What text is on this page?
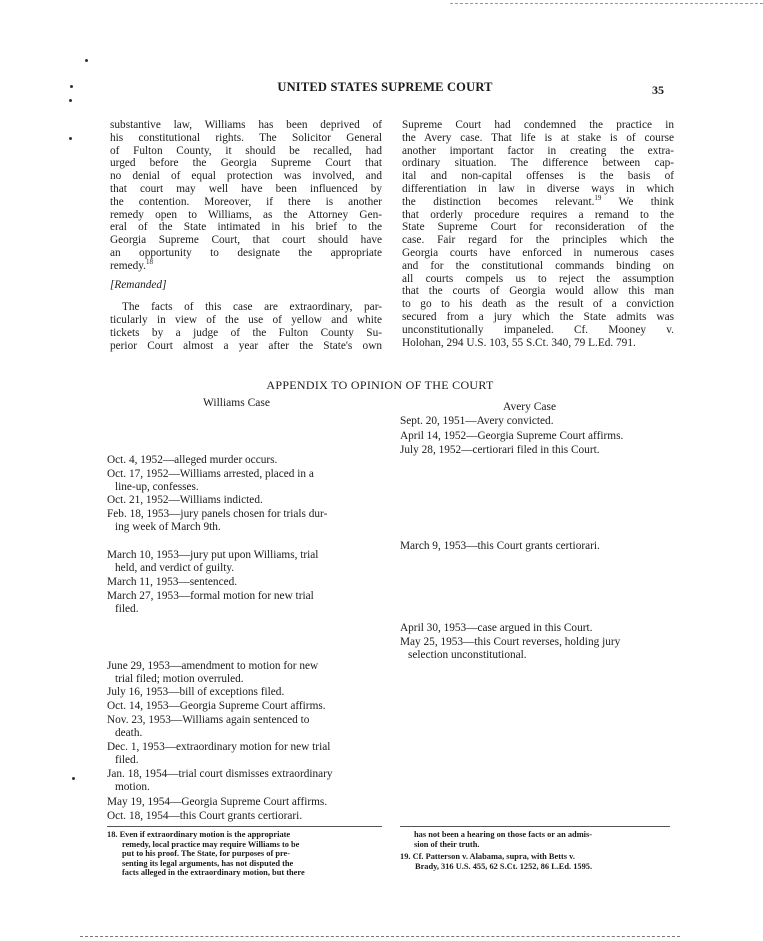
UNITED STATES SUPREME COURT	35

substantive law, Williams has been deprived of
his constitutional rights. The Solicitor General
of Fulton County, it should be recalled, had
urged before the Georgia Supreme Court that
no denial of equal protection was involved, and
that court may well have been influenced by
the contention. Moreover, if there is another
remedy open to Williams, as the Attorney Gen-
eral of the State intimated in his brief to the
Georgia Supreme Court, that court should have
an opportunity to designate the appropriate
remedy.$^{18}$

[Remanded]

The facts of this case are extraordinary, par-
ticularly in view of the use of yellow and white
tickets by a judge of the Fulton County Su-
perior Court almost a year after the State's own

Supreme Court had condemned the practice in
the Avery case. That life is at stake is of course
another important factor in creating the extra-
ordinary situation. The difference between cap-
ital and non-capital offenses is the basis of
differentiation in law in diverse ways in which
the distinction becomes relevant.$^{19}$ We think
that orderly procedure requires a remand to the
State Supreme Court for reconsideration of the
case. Fair regard for the principles which the
Georgia courts have enforced in numerous cases
and for the constitutional commands binding on
all courts compels us to reject the assumption
that the courts of Georgia would allow this man
to go to his death as the result of a conviction
secured from a jury which the State admits was
unconstitutionally impaneled. Cf. Mooney v.
Holohan, 294 U.S. 103, 55 S.Ct. 340, 79 L.Ed. 791.
APPENDIX TO OPINION OF THE COURT
Williams Case	Avery Case
Sept. 20, 1951—Avery convicted.
April 14, 1952—Georgia Supreme Court affirms.
July 28, 1952—certiorari filed in this Court.
March 9, 1953—this Court grants certiorari.
April 30, 1953—case argued in this Court.
May 25, 1953—this Court reverses, holding jury
selection unconstitutional.
Oct. 4, 1952—alleged murder occurs.
Oct. 17, 1952—Williams arrested, placed in a
line-up, confesses.
Oct. 21, 1952—Williams indicted.
Feb. 18, 1953—jury panels chosen for trials dur-
ing week of March 9th.
March 10, 1953—jury put upon Williams, trial
held, and verdict of guilty.
March 11, 1953—sentenced.
March 27, 1953—formal motion for new trial
filed.
June 29, 1953—amendment to motion for new
trial filed; motion overruled.
July 16, 1953—bill of exceptions filed.
Oct. 14, 1953—Georgia Supreme Court affirms.
Nov. 23, 1953—Williams again sentenced to
death.
Dec. 1, 1953—extraordinary motion for new trial
filed.
Jan. 18, 1954—trial court dismisses extraordinary
motion.
May 19, 1954—Georgia Supreme Court affirms.
Oct. 18, 1954—this Court grants certiorari.
18. Even if extraordinary motion is the appropriate
remedy, local practice may require Williams to be
put to his proof. The State, for purposes of pre-
senting its legal arguments, has not disputed the
facts alleged in the extraordinary motion, but there
has not been a hearing on those facts or an admis-
sion of their truth.
19. Cf. Patterson v. Alabama, supra, with Betts v.
Brady, 316 U.S. 455, 62 S.Ct. 1252, 86 L.Ed. 1595.
